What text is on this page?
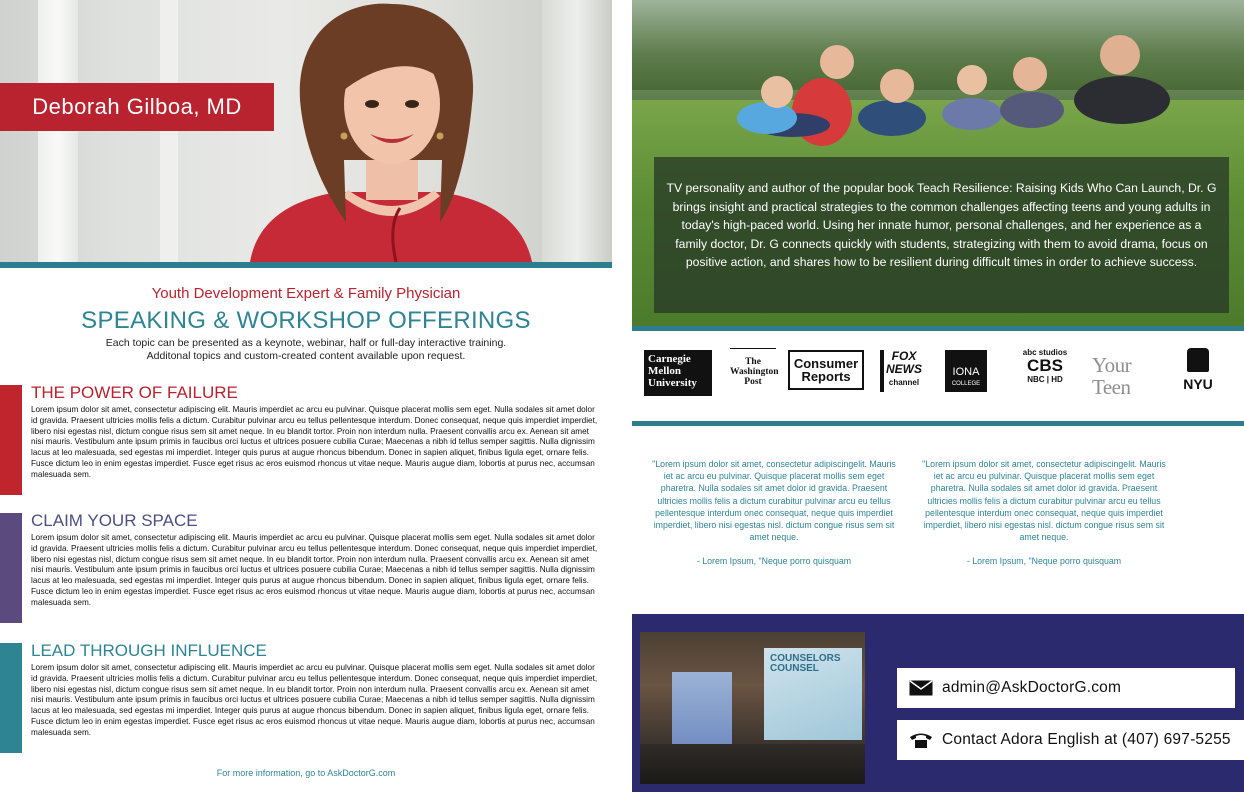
Deborah Gilboa, MD
Youth Development Expert & Family Physician
SPEAKING & WORKSHOP OFFERINGS
Each topic can be presented as a keynote, webinar, half or full-day interactive training.
Additonal topics and custom-created content available upon request.
THE POWER OF FAILURE
Lorem ipsum dolor sit amet, consectetur adipiscing elit. Mauris imperdiet ac arcu eu pulvinar. Quisque placerat mollis sem eget. Nulla sodales sit amet dolor id gravida. Praesent ultricies mollis felis a dictum. Curabitur pulvinar arcu eu tellus pellentesque interdum. Donec consequat, neque quis imperdiet imperdiet, libero nisi egestas nisl, dictum congue risus sem sit amet neque. In eu blandit tortor. Proin non interdum nulla. Praesent convallis arcu ex. Aenean sit amet nisi mauris. Vestibulum ante ipsum primis in faucibus orci luctus et ultrices posuere cubilia Curae; Maecenas a nibh id tellus semper sagittis. Nulla dignissim lacus at leo malesuada, sed egestas mi imperdiet. Integer quis purus at augue rhoncus bibendum. Donec in sapien aliquet, finibus ligula eget, ornare felis. Fusce dictum leo in enim egestas imperdiet. Fusce eget risus ac eros euismod rhoncus ut vitae neque. Mauris augue diam, lobortis at purus nec, accumsan malesuada sem.
CLAIM YOUR SPACE
Lorem ipsum dolor sit amet, consectetur adipiscing elit. Mauris imperdiet ac arcu eu pulvinar. Quisque placerat mollis sem eget. Nulla sodales sit amet dolor id gravida. Praesent ultricies mollis felis a dictum. Curabitur pulvinar arcu eu tellus pellentesque interdum. Donec consequat, neque quis imperdiet imperdiet, libero nisi egestas nisl, dictum congue risus sem sit amet neque. In eu blandit tortor. Proin non interdum nulla. Praesent convallis arcu ex. Aenean sit amet nisi mauris. Vestibulum ante ipsum primis in faucibus orci luctus et ultrices posuere cubilia Curae; Maecenas a nibh id tellus semper sagittis. Nulla dignissim lacus at leo malesuada, sed egestas mi imperdiet. Integer quis purus at augue rhoncus bibendum. Donec in sapien aliquet, finibus ligula eget, ornare felis. Fusce dictum leo in enim egestas imperdiet. Fusce eget risus ac eros euismod rhoncus ut vitae neque. Mauris augue diam, lobortis at purus nec, accumsan malesuada sem.
LEAD THROUGH INFLUENCE
Lorem ipsum dolor sit amet, consectetur adipiscing elit. Mauris imperdiet ac arcu eu pulvinar. Quisque placerat mollis sem eget. Nulla sodales sit amet dolor id gravida. Praesent ultricies mollis felis a dictum. Curabitur pulvinar arcu eu tellus pellentesque interdum. Donec consequat, neque quis imperdiet imperdiet, libero nisi egestas nisl, dictum congue risus sem sit amet neque. In eu blandit tortor. Proin non interdum nulla. Praesent convallis arcu ex. Aenean sit amet nisi mauris. Vestibulum ante ipsum primis in faucibus orci luctus et ultrices posuere cubilia Curae; Maecenas a nibh id tellus semper sagittis. Nulla dignissim lacus at leo malesuada, sed egestas mi imperdiet. Integer quis purus at augue rhoncus bibendum. Donec in sapien aliquet, finibus ligula eget, ornare felis. Fusce dictum leo in enim egestas imperdiet. Fusce eget risus ac eros euismod rhoncus ut vitae neque. Mauris augue diam, lobortis at purus nec, accumsan malesuada sem.
For more information, go to AskDoctorG.com

TV personality and author of the popular book Teach Resilience: Raising Kids Who Can Launch, Dr. G brings insight and practical strategies to the common challenges affecting teens and young adults in today's high-paced world. Using her innate humor, personal challenges, and her experience as a family doctor, Dr. G connects quickly with students, strategizing with them to avoid drama, focus on positive action, and shares how to be resilient during difficult times in order to achieve success.

Carnegie
Mellon
University
The
Washington
Post
Consumer
Reports
FOX
NEWS
channel
IONA
COLLEGE
abc studios
CBS
NBC | HD
Your Teen	NYU
"Lorem ipsum dolor sit amet, consectetur adipiscingelit. Mauris iet ac arcu eu pulvinar. Quisque placerat mollis sem eget pharetra. Nulla sodales sit amet dolor id gravida. Praesent ultricies mollis felis a dictum curabitur pulvinar arcu eu tellus pellentesque interdum onec consequat, neque quis imperdiet imperdiet, libero nisi egestas nisl. dictum congue risus sem sit amet neque.
- Lorem Ipsum, "Neque porro quisquam
"Lorem ipsum dolor sit amet, consectetur adipiscingelit. Mauris iet ac arcu eu pulvinar. Quisque placerat mollis sem eget pharetra. Nulla sodales sit amet dolor id gravida. Praesent ultricies mollis felis a dictum curabitur pulvinar arcu eu tellus pellentesque interdum onec consequat, neque quis imperdiet imperdiet, libero nisi egestas nisl. dictum congue risus sem sit amet neque.
- Lorem Ipsum, "Neque porro quisquam
COUNSELORS
COUNSEL
admin@AskDoctorG.com
Contact Adora English at (407) 697-5255
